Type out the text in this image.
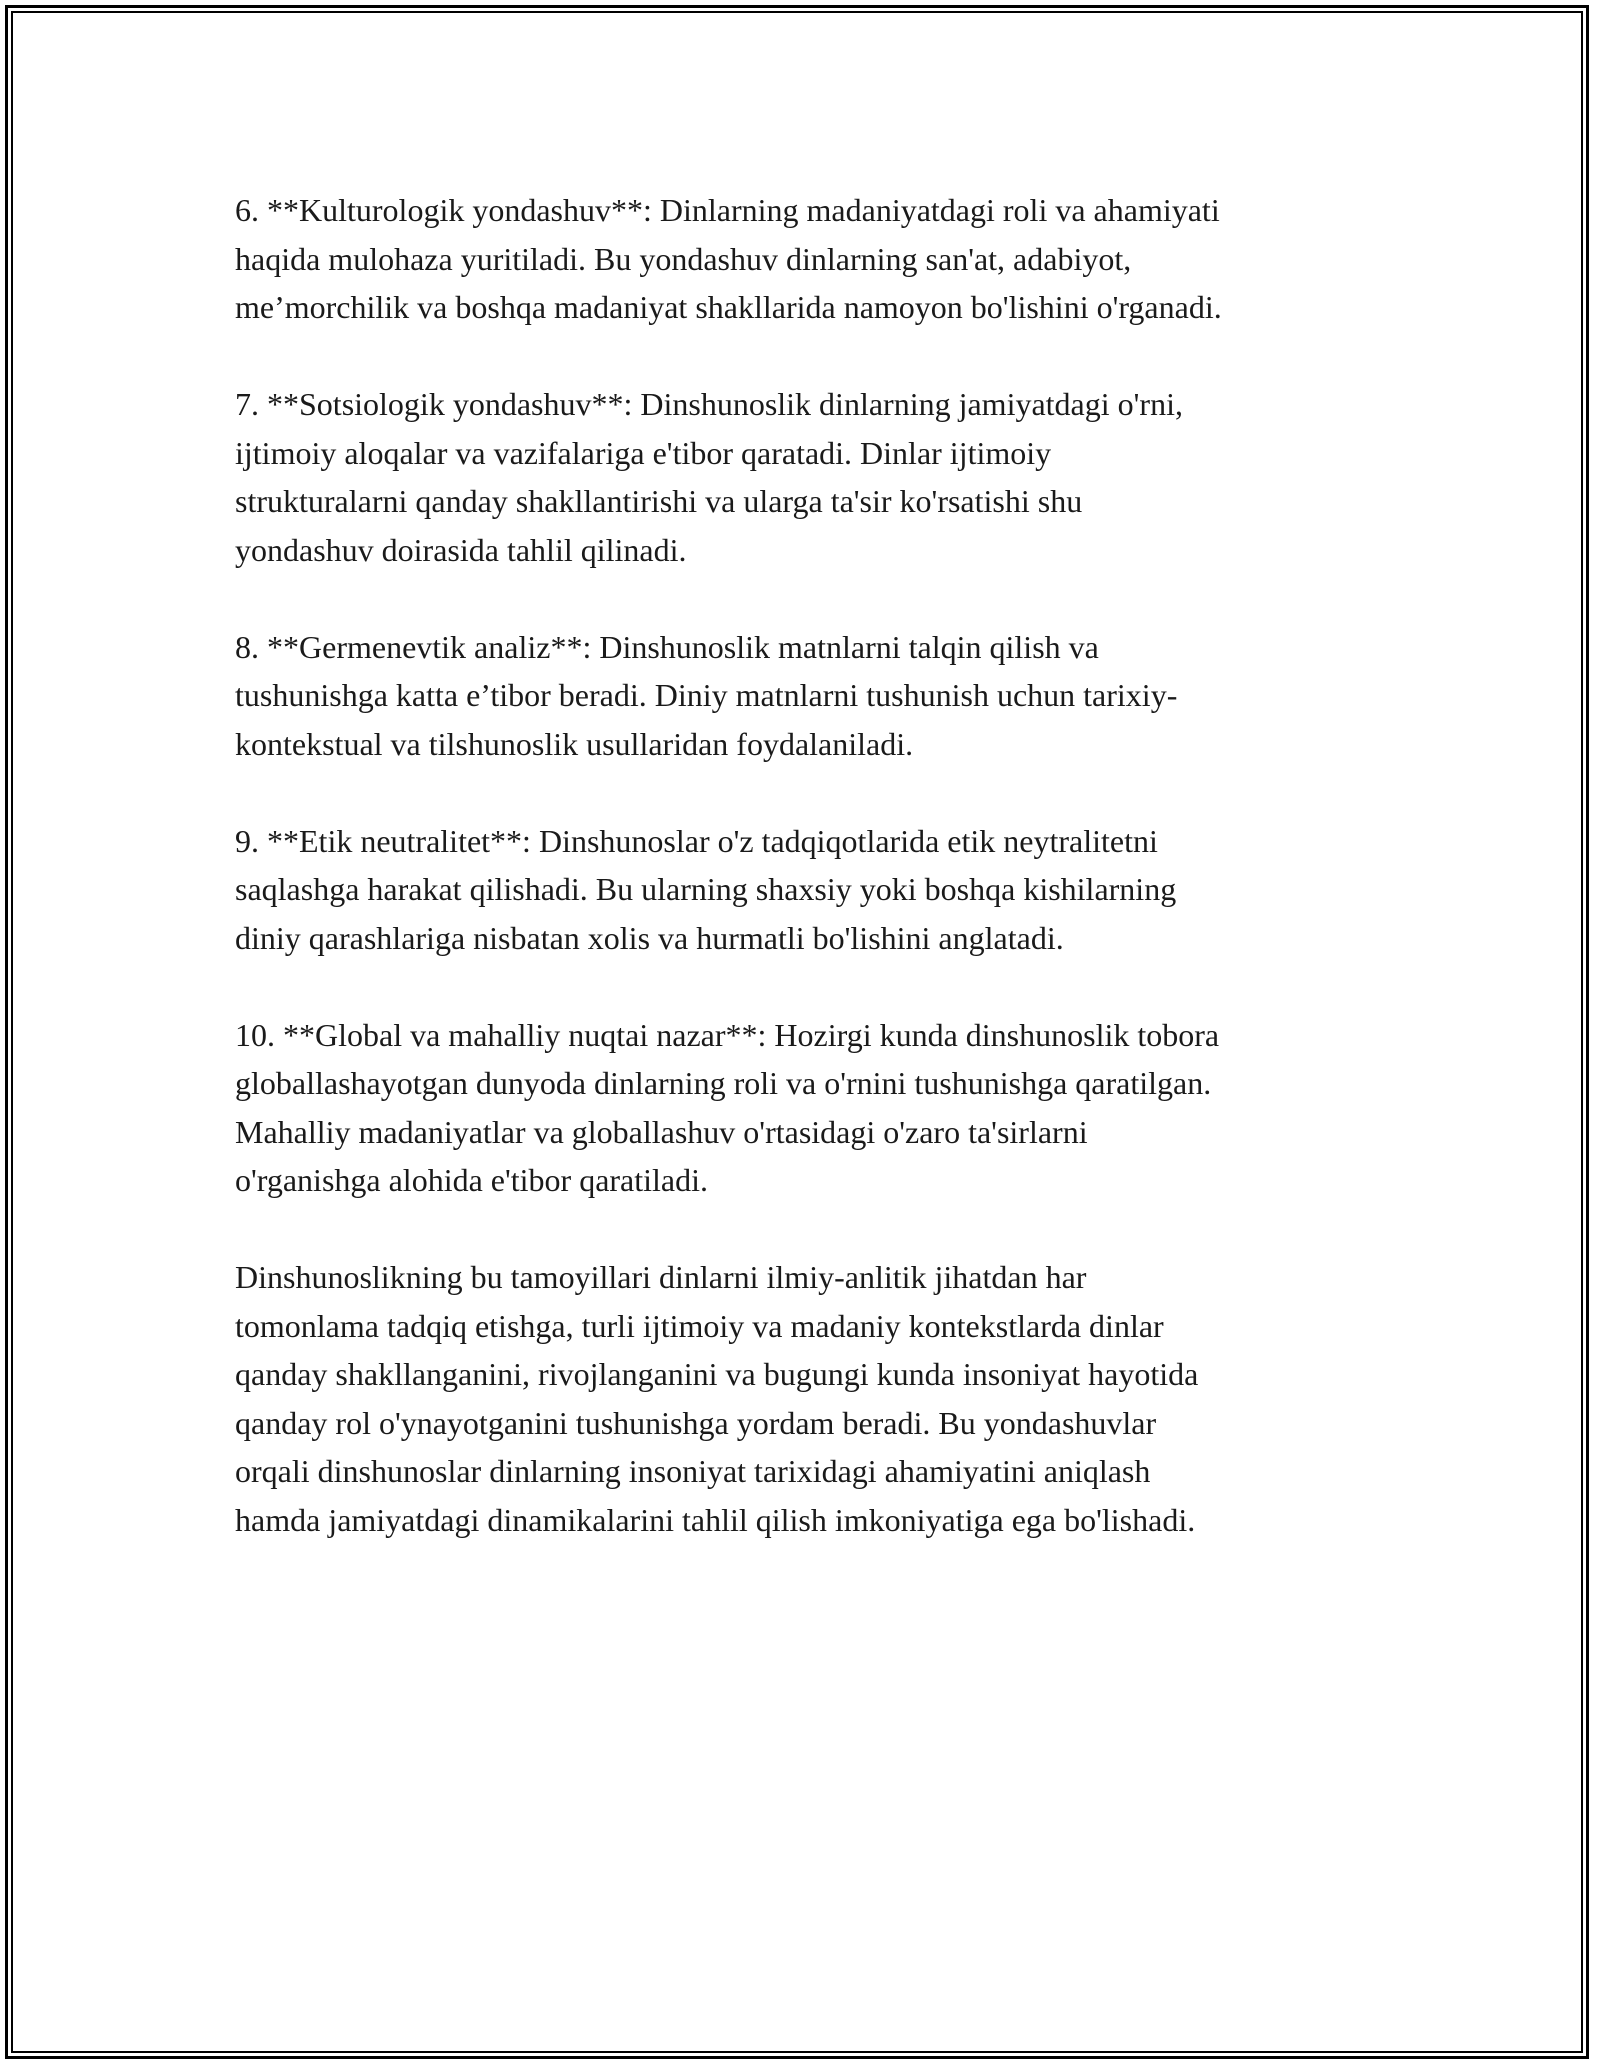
6. **Kulturologik yondashuv**: Dinlarning madaniyatdagi roli va ahamiyati
haqida mulohaza yuritiladi. Bu yondashuv dinlarning san'at, adabiyot,
me’morchilik va boshqa madaniyat shakllarida namoyon bo'lishini o'rganadi.

7. **Sotsiologik yondashuv**: Dinshunoslik dinlarning jamiyatdagi o'rni,
ijtimoiy aloqalar va vazifalariga e'tibor qaratadi. Dinlar ijtimoiy
strukturalarni qanday shakllantirishi va ularga ta'sir ko'rsatishi shu
yondashuv doirasida tahlil qilinadi.

8. **Germenevtik analiz**: Dinshunoslik matnlarni talqin qilish va
tushunishga katta e’tibor beradi. Diniy matnlarni tushunish uchun tarixiy-
kontekstual va tilshunoslik usullaridan foydalaniladi.

9. **Etik neutralitet**: Dinshunoslar o'z tadqiqotlarida etik neytralitetni
saqlashga harakat qilishadi. Bu ularning shaxsiy yoki boshqa kishilarning
diniy qarashlariga nisbatan xolis va hurmatli bo'lishini anglatadi.

10. **Global va mahalliy nuqtai nazar**: Hozirgi kunda dinshunoslik tobora
globallashayotgan dunyoda dinlarning roli va o'rnini tushunishga qaratilgan.
Mahalliy madaniyatlar va globallashuv o'rtasidagi o'zaro ta'sirlarni
o'rganishga alohida e'tibor qaratiladi.

Dinshunoslikning bu tamoyillari dinlarni ilmiy-anlitik jihatdan har
tomonlama tadqiq etishga, turli ijtimoiy va madaniy kontekstlarda dinlar
qanday shakllanganini, rivojlanganini va bugungi kunda insoniyat hayotida
qanday rol o'ynayotganini tushunishga yordam beradi. Bu yondashuvlar
orqali dinshunoslar dinlarning insoniyat tarixidagi ahamiyatini aniqlash
hamda jamiyatdagi dinamikalarini tahlil qilish imkoniyatiga ega bo'lishadi.
